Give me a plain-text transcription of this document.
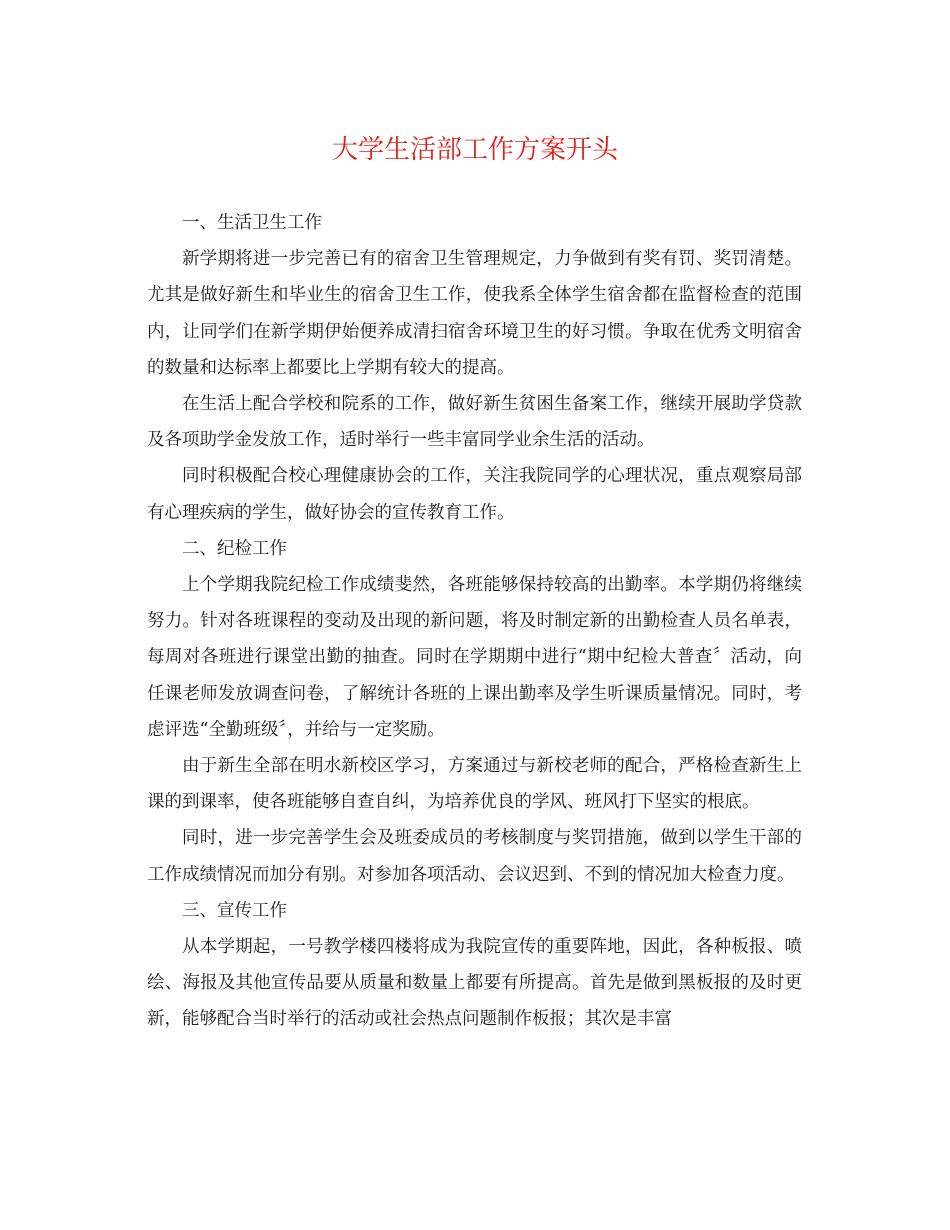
大学生活部工作方案开头

一、生活卫生工作

新学期将进一步完善已有的宿舍卫生管理规定，力争做到有奖有罚、奖罚清楚。尤其是做好新生和毕业生的宿舍卫生工作，使我系全体学生宿舍都在监督检查的范围内，让同学们在新学期伊始便养成清扫宿舍环境卫生的好习惯。争取在优秀文明宿舍的数量和达标率上都要比上学期有较大的提高。

在生活上配合学校和院系的工作，做好新生贫困生备案工作，继续开展助学贷款及各项助学金发放工作，适时举行一些丰富同学业余生活的活动。

同时积极配合校心理健康协会的工作，关注我院同学的心理状况，重点观察局部有心理疾病的学生，做好协会的宣传教育工作。

二、纪检工作

上个学期我院纪检工作成绩斐然，各班能够保持较高的出勤率。本学期仍将继续努力。针对各班课程的变动及出现的新问题，将及时制定新的出勤检查人员名单表，每周对各班进行课堂出勤的抽查。同时在学期期中进行“期中纪检大普查〞活动，向任课老师发放调查问卷，了解统计各班的上课出勤率及学生听课质量情况。同时，考虑评选“全勤班级〞，并给与一定奖励。

由于新生全部在明水新校区学习，方案通过与新校老师的配合，严格检查新生上课的到课率，使各班能够自查自纠，为培养优良的学风、班风打下坚实的根底。

同时，进一步完善学生会及班委成员的考核制度与奖罚措施，做到以学生干部的工作成绩情况而加分有别。对参加各项活动、会议迟到、不到的情况加大检查力度。

三、宣传工作

从本学期起，一号教学楼四楼将成为我院宣传的重要阵地，因此，各种板报、喷绘、海报及其他宣传品要从质量和数量上都要有所提高。首先是做到黑板报的及时更新，能够配合当时举行的活动或社会热点问题制作板报；其次是丰富
